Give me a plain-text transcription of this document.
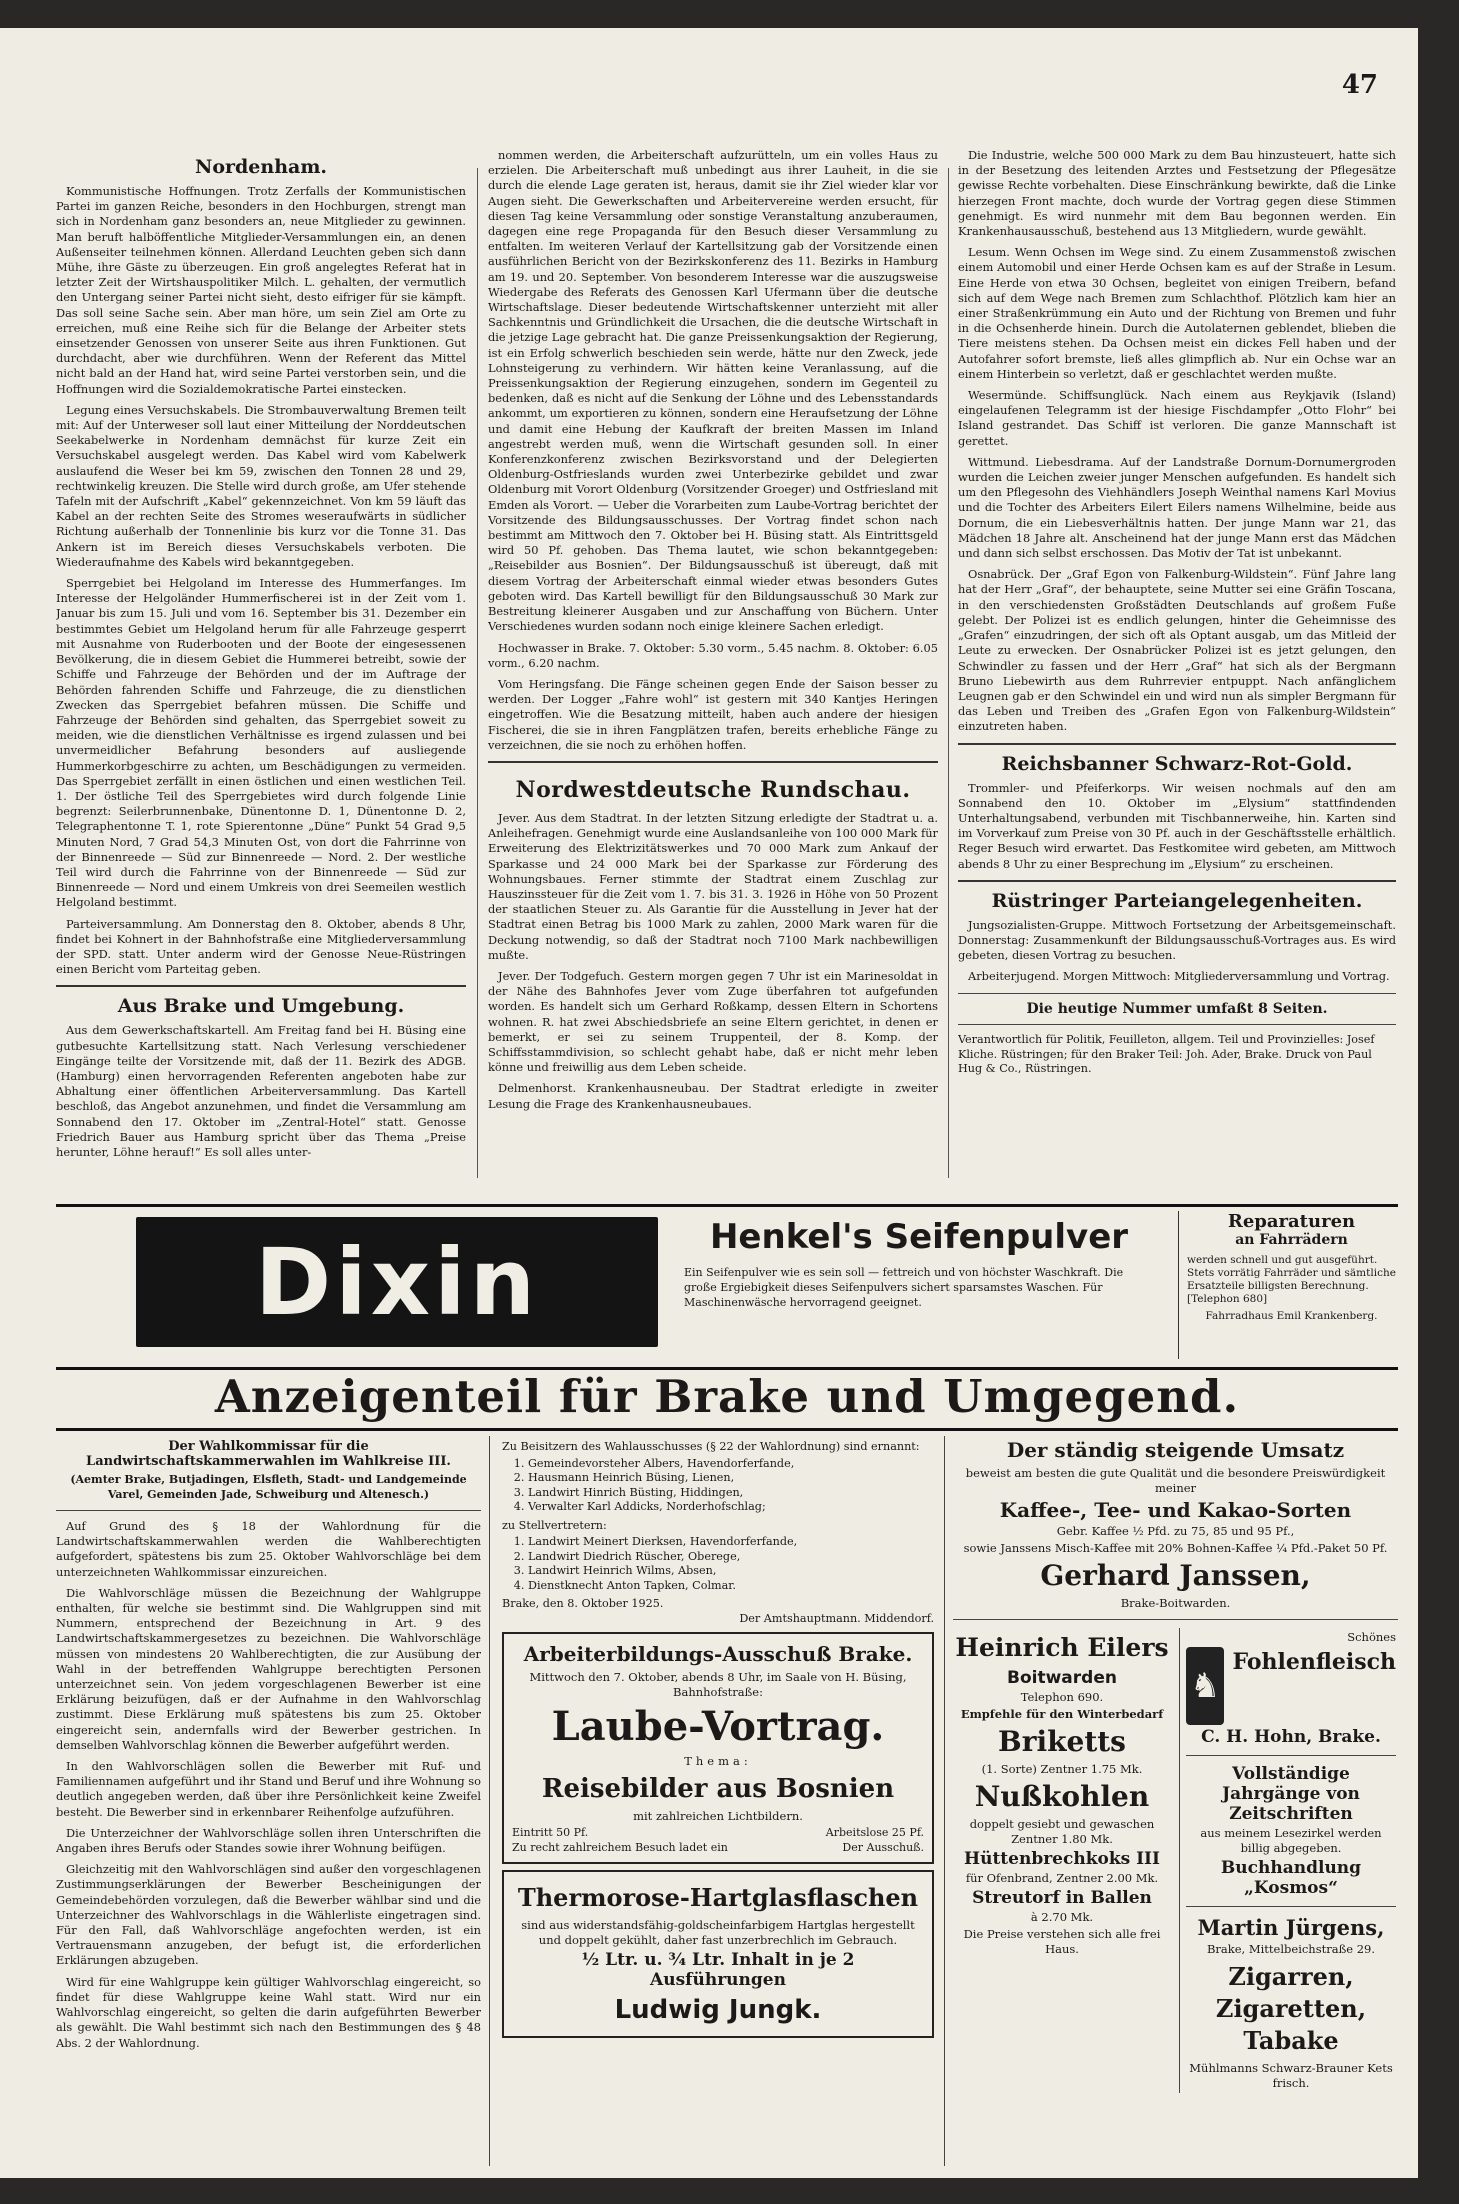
47
Nordenham.

Kommunistische Hoffnungen. Trotz Zerfalls der Kommunistischen Partei im ganzen Reiche, besonders in den Hochburgen, strengt man sich in Nordenham ganz besonders an, neue Mitglieder zu gewinnen. Man beruft halböffentliche Mitglieder-Versammlungen ein, an denen Außenseiter teilnehmen können. Allerdand Leuchten geben sich dann Mühe, ihre Gäste zu überzeugen. Ein groß angelegtes Referat hat in letzter Zeit der Wirtshauspolitiker Milch. L. gehalten, der vermutlich den Untergang seiner Partei nicht sieht, desto eifriger für sie kämpft. Das soll seine Sache sein. Aber man höre, um sein Ziel am Orte zu erreichen, muß eine Reihe sich für die Belange der Arbeiter stets einsetzender Genossen von unserer Seite aus ihren Funktionen. Gut durchdacht, aber wie durchführen. Wenn der Referent das Mittel nicht bald an der Hand hat, wird seine Partei verstorben sein, und die Hoffnungen wird die Sozialdemokratische Partei einstecken.

Legung eines Versuchskabels. Die Strombauverwaltung Bremen teilt mit: Auf der Unterweser soll laut einer Mitteilung der Norddeutschen Seekabelwerke in Nordenham demnächst für kurze Zeit ein Versuchskabel ausgelegt werden. Das Kabel wird vom Kabelwerk auslaufend die Weser bei km 59, zwischen den Tonnen 28 und 29, rechtwinkelig kreuzen. Die Stelle wird durch große, am Ufer stehende Tafeln mit der Aufschrift „Kabel“ gekennzeichnet. Von km 59 läuft das Kabel an der rechten Seite des Stromes weseraufwärts in südlicher Richtung außerhalb der Tonnenlinie bis kurz vor die Tonne 31. Das Ankern ist im Bereich dieses Versuchskabels verboten. Die Wiederaufnahme des Kabels wird bekanntgegeben.

Sperrgebiet bei Helgoland im Interesse des Hummerfanges. Im Interesse der Helgoländer Hummerfischerei ist in der Zeit vom 1. Januar bis zum 15. Juli und vom 16. September bis 31. Dezember ein bestimmtes Gebiet um Helgoland herum für alle Fahrzeuge gesperrt mit Ausnahme von Ruderbooten und der Boote der eingesessenen Bevölkerung, die in diesem Gebiet die Hummerei betreibt, sowie der Schiffe und Fahrzeuge der Behörden und der im Auftrage der Behörden fahrenden Schiffe und Fahrzeuge, die zu dienstlichen Zwecken das Sperrgebiet befahren müssen. Die Schiffe und Fahrzeuge der Behörden sind gehalten, das Sperrgebiet soweit zu meiden, wie die dienstlichen Verhältnisse es irgend zulassen und bei unvermeidlicher Befahrung besonders auf ausliegende Hummerkorbgeschirre zu achten, um Beschädigungen zu vermeiden. Das Sperrgebiet zerfällt in einen östlichen und einen westlichen Teil. 1. Der östliche Teil des Sperrgebietes wird durch folgende Linie begrenzt: Seilerbrunnenbake, Dünentonne D. 1, Dünentonne D. 2, Telegraphentonne T. 1, rote Spierentonne „Düne“ Punkt 54 Grad 9,5 Minuten Nord, 7 Grad 54,3 Minuten Ost, von dort die Fahrrinne von der Binnenreede — Süd zur Binnenreede — Nord. 2. Der westliche Teil wird durch die Fahrrinne von der Binnenreede — Süd zur Binnenreede — Nord und einem Umkreis von drei Seemeilen westlich Helgoland bestimmt.

Parteiversammlung. Am Donnerstag den 8. Oktober, abends 8 Uhr, findet bei Kohnert in der Bahnhofstraße eine Mitgliederversammlung der SPD. statt. Unter anderm wird der Genosse Neue-Rüstringen einen Bericht vom Parteitag geben.

Aus Brake und Umgebung.

Aus dem Gewerkschaftskartell. Am Freitag fand bei H. Büsing eine gutbesuchte Kartellsitzung statt. Nach Verlesung verschiedener Eingänge teilte der Vorsitzende mit, daß der 11. Bezirk des ADGB. (Hamburg) einen hervorragenden Referenten angeboten habe zur Abhaltung einer öffentlichen Arbeiterversammlung. Das Kartell beschloß, das Angebot anzunehmen, und findet die Versammlung am Sonnabend den 17. Oktober im „Zentral-Hotel“ statt. Genosse Friedrich Bauer aus Hamburg spricht über das Thema „Preise herunter, Löhne herauf!“ Es soll alles unter-

nommen werden, die Arbeiterschaft aufzurütteln, um ein volles Haus zu erzielen. Die Arbeiterschaft muß unbedingt aus ihrer Lauheit, in die sie durch die elende Lage geraten ist, heraus, damit sie ihr Ziel wieder klar vor Augen sieht. Die Gewerkschaften und Arbeitervereine werden ersucht, für diesen Tag keine Versammlung oder sonstige Veranstaltung anzuberaumen, dagegen eine rege Propaganda für den Besuch dieser Versammlung zu entfalten. Im weiteren Verlauf der Kartellsitzung gab der Vorsitzende einen ausführlichen Bericht von der Bezirkskonferenz des 11. Bezirks in Hamburg am 19. und 20. September. Von besonderem Interesse war die auszugsweise Wiedergabe des Referats des Genossen Karl Ufermann über die deutsche Wirtschaftslage. Dieser bedeutende Wirtschaftskenner unterzieht mit aller Sachkenntnis und Gründlichkeit die Ursachen, die die deutsche Wirtschaft in die jetzige Lage gebracht hat. Die ganze Preissenkungsaktion der Regierung, ist ein Erfolg schwerlich beschieden sein werde, hätte nur den Zweck, jede Lohnsteigerung zu verhindern. Wir hätten keine Veranlassung, auf die Preissenkungsaktion der Regierung einzugehen, sondern im Gegenteil zu bedenken, daß es nicht auf die Senkung der Löhne und des Lebensstandards ankommt, um exportieren zu können, sondern eine Heraufsetzung der Löhne und damit eine Hebung der Kaufkraft der breiten Massen im Inland angestrebt werden muß, wenn die Wirtschaft gesunden soll. In einer Konferenzkonferenz zwischen Bezirksvorstand und der Delegierten Oldenburg-Ostfrieslands wurden zwei Unterbezirke gebildet und zwar Oldenburg mit Vorort Oldenburg (Vorsitzender Groeger) und Ostfriesland mit Emden als Vorort. — Ueber die Vorarbeiten zum Laube-Vortrag berichtet der Vorsitzende des Bildungsausschusses. Der Vortrag findet schon nach bestimmt am Mittwoch den 7. Oktober bei H. Büsing statt. Als Eintrittsgeld wird 50 Pf. gehoben. Das Thema lautet, wie schon bekanntgegeben: „Reisebilder aus Bosnien“. Der Bildungsausschuß ist übereugt, daß mit diesem Vortrag der Arbeiterschaft einmal wieder etwas besonders Gutes geboten wird. Das Kartell bewilligt für den Bildungsausschuß 30 Mark zur Bestreitung kleinerer Ausgaben und zur Anschaffung von Büchern. Unter Verschiedenes wurden sodann noch einige kleinere Sachen erledigt.

Hochwasser in Brake. 7. Oktober: 5.30 vorm., 5.45 nachm. 8. Oktober: 6.05 vorm., 6.20 nachm.

Vom Heringsfang. Die Fänge scheinen gegen Ende der Saison besser zu werden. Der Logger „Fahre wohl“ ist gestern mit 340 Kantjes Heringen eingetroffen. Wie die Besatzung mitteilt, haben auch andere der hiesigen Fischerei, die sie in ihren Fangplätzen trafen, bereits erhebliche Fänge zu verzeichnen, die sie noch zu erhöhen hoffen.

Nordwestdeutsche Rundschau.

Jever. Aus dem Stadtrat. In der letzten Sitzung erledigte der Stadtrat u. a. Anleihefragen. Genehmigt wurde eine Auslandsanleihe von 100 000 Mark für Erweiterung des Elektrizitätswerkes und 70 000 Mark zum Ankauf der Sparkasse und 24 000 Mark bei der Sparkasse zur Förderung des Wohnungsbaues. Ferner stimmte der Stadtrat einem Zuschlag zur Hauszinssteuer für die Zeit vom 1. 7. bis 31. 3. 1926 in Höhe von 50 Prozent der staatlichen Steuer zu. Als Garantie für die Ausstellung in Jever hat der Stadtrat einen Betrag bis 1000 Mark zu zahlen, 2000 Mark waren für die Deckung notwendig, so daß der Stadtrat noch 7100 Mark nachbewilligen mußte.

Jever. Der Todgefuch. Gestern morgen gegen 7 Uhr ist ein Marinesoldat in der Nähe des Bahnhofes Jever vom Zuge überfahren tot aufgefunden worden. Es handelt sich um Gerhard Roßkamp, dessen Eltern in Schortens wohnen. R. hat zwei Abschiedsbriefe an seine Eltern gerichtet, in denen er bemerkt, er sei zu seinem Truppenteil, der 8. Komp. der Schiffsstammdivision, so schlecht gehabt habe, daß er nicht mehr leben könne und freiwillig aus dem Leben scheide.

Delmenhorst. Krankenhausneubau. Der Stadtrat erledigte in zweiter Lesung die Frage des Krankenhausneubaues.

Die Industrie, welche 500 000 Mark zu dem Bau hinzusteuert, hatte sich in der Besetzung des leitenden Arztes und Festsetzung der Pflegesätze gewisse Rechte vorbehalten. Diese Einschränkung bewirkte, daß die Linke hierzegen Front machte, doch wurde der Vortrag gegen diese Stimmen genehmigt. Es wird nunmehr mit dem Bau begonnen werden. Ein Krankenhausausschuß, bestehend aus 13 Mitgliedern, wurde gewählt.

Lesum. Wenn Ochsen im Wege sind. Zu einem Zusammenstoß zwischen einem Automobil und einer Herde Ochsen kam es auf der Straße in Lesum. Eine Herde von etwa 30 Ochsen, begleitet von einigen Treibern, befand sich auf dem Wege nach Bremen zum Schlachthof. Plötzlich kam hier an einer Straßenkrümmung ein Auto und der Richtung von Bremen und fuhr in die Ochsenherde hinein. Durch die Autolaternen geblendet, blieben die Tiere meistens stehen. Da Ochsen meist ein dickes Fell haben und der Autofahrer sofort bremste, ließ alles glimpflich ab. Nur ein Ochse war an einem Hinterbein so verletzt, daß er geschlachtet werden mußte.

Wesermünde. Schiffsunglück. Nach einem aus Reykjavik (Island) eingelaufenen Telegramm ist der hiesige Fischdampfer „Otto Flohr“ bei Island gestrandet. Das Schiff ist verloren. Die ganze Mannschaft ist gerettet.

Wittmund. Liebesdrama. Auf der Landstraße Dornum-Dornumergroden wurden die Leichen zweier junger Menschen aufgefunden. Es handelt sich um den Pflegesohn des Viehhändlers Joseph Weinthal namens Karl Movius und die Tochter des Arbeiters Eilert Eilers namens Wilhelmine, beide aus Dornum, die ein Liebesverhältnis hatten. Der junge Mann war 21, das Mädchen 18 Jahre alt. Anscheinend hat der junge Mann erst das Mädchen und dann sich selbst erschossen. Das Motiv der Tat ist unbekannt.

Osnabrück. Der „Graf Egon von Falkenburg-Wildstein“. Fünf Jahre lang hat der Herr „Graf“, der behauptete, seine Mutter sei eine Gräfin Toscana, in den verschiedensten Großstädten Deutschlands auf großem Fuße gelebt. Der Polizei ist es endlich gelungen, hinter die Geheimnisse des „Grafen“ einzudringen, der sich oft als Optant ausgab, um das Mitleid der Leute zu erwecken. Der Osnabrücker Polizei ist es jetzt gelungen, den Schwindler zu fassen und der Herr „Graf“ hat sich als der Bergmann Bruno Liebewirth aus dem Ruhrrevier entpuppt. Nach anfänglichem Leugnen gab er den Schwindel ein und wird nun als simpler Bergmann für das Leben und Treiben des „Grafen Egon von Falkenburg-Wildstein“ einzutreten haben.

Reichsbanner Schwarz-Rot-Gold.

Trommler- und Pfeiferkorps. Wir weisen nochmals auf den am Sonnabend den 10. Oktober im „Elysium“ stattfindenden Unterhaltungsabend, verbunden mit Tischbannerweihe, hin. Karten sind im Vorverkauf zum Preise von 30 Pf. auch in der Geschäftsstelle erhältlich. Reger Besuch wird erwartet. Das Festkomitee wird gebeten, am Mittwoch abends 8 Uhr zu einer Besprechung im „Elysium“ zu erscheinen.

Rüstringer Parteiangelegenheiten.

Jungsozialisten-Gruppe. Mittwoch Fortsetzung der Arbeitsgemeinschaft. Donnerstag: Zusammenkunft der Bildungsausschuß-Vortrages aus. Es wird gebeten, diesen Vortrag zu besuchen.

Arbeiterjugend. Morgen Mittwoch: Mitgliederversammlung und Vortrag.

Die heutige Nummer umfaßt 8 Seiten.

Verantwortlich für Politik, Feuilleton, allgem. Teil und Provinzielles: Josef Kliche. Rüstringen; für den Braker Teil: Joh. Ader, Brake. Druck von Paul Hug & Co., Rüstringen.

Dixin	Henkel's Seifenpulver

Ein Seifenpulver wie es sein soll — fettreich und von höchster Waschkraft. Die große Ergiebigkeit dieses Seifenpulvers sichert sparsamstes Waschen. Für Maschinenwäsche hervorragend geeignet.

Reparaturen

an Fahrrädern

werden schnell und gut ausgeführt. Stets vorrätig Fahrräder und sämtliche Ersatzteile billigsten Berechnung. [Telephon 680]

Fahrradhaus Emil Krankenberg.

Anzeigenteil für Brake und Umgegend.

Der Wahlkommissar für die Landwirtschaftskammerwahlen im Wahlkreise III.

(Aemter Brake, Butjadingen, Elsfleth, Stadt- und Landgemeinde Varel, Gemeinden Jade, Schweiburg und Altenesch.)

Auf Grund des § 18 der Wahlordnung für die Landwirtschaftskammerwahlen werden die Wahlberechtigten aufgefordert, spätestens bis zum 25. Oktober Wahlvorschläge bei dem unterzeichneten Wahlkommissar einzureichen.

Die Wahlvorschläge müssen die Bezeichnung der Wahlgruppe enthalten, für welche sie bestimmt sind. Die Wahlgruppen sind mit Nummern, entsprechend der Bezeichnung in Art. 9 des Landwirtschaftskammergesetzes zu bezeichnen. Die Wahlvorschläge müssen von mindestens 20 Wahlberechtigten, die zur Ausübung der Wahl in der betreffenden Wahlgruppe berechtigten Personen unterzeichnet sein. Von jedem vorgeschlagenen Bewerber ist eine Erklärung beizufügen, daß er der Aufnahme in den Wahlvorschlag zustimmt. Diese Erklärung muß spätestens bis zum 25. Oktober eingereicht sein, andernfalls wird der Bewerber gestrichen. In demselben Wahlvorschlag können die Bewerber aufgeführt werden.

In den Wahlvorschlägen sollen die Bewerber mit Ruf- und Familiennamen aufgeführt und ihr Stand und Beruf und ihre Wohnung so deutlich angegeben werden, daß über ihre Persönlichkeit keine Zweifel besteht. Die Bewerber sind in erkennbarer Reihenfolge aufzuführen.

Die Unterzeichner der Wahlvorschläge sollen ihren Unterschriften die Angaben ihres Berufs oder Standes sowie ihrer Wohnung beifügen.

Gleichzeitig mit den Wahlvorschlägen sind außer den vorgeschlagenen Zustimmungserklärungen der Bewerber Bescheinigungen der Gemeindebehörden vorzulegen, daß die Bewerber wählbar sind und die Unterzeichner des Wahlvorschlags in die Wählerliste eingetragen sind. Für den Fall, daß Wahlvorschläge angefochten werden, ist ein Vertrauensmann anzugeben, der befugt ist, die erforderlichen Erklärungen abzugeben.

Wird für eine Wahlgruppe kein gültiger Wahlvorschlag eingereicht, so findet für diese Wahlgruppe keine Wahl statt. Wird nur ein Wahlvorschlag eingereicht, so gelten die darin aufgeführten Bewerber als gewählt. Die Wahl bestimmt sich nach den Bestimmungen des § 48 Abs. 2 der Wahlordnung.

Zu Beisitzern des Wahlausschusses (§ 22 der Wahlordnung) sind ernannt:

1. Gemeindevorsteher Albers, Havendorferfande,
2. Hausmann Heinrich Büsing, Lienen,
3. Landwirt Hinrich Büsting, Hiddingen,
4. Verwalter Karl Addicks, Norderhofschlag;

zu Stellvertretern:

1. Landwirt Meinert Dierksen, Havendorferfande,
2. Landwirt Diedrich Rüscher, Oberege,
3. Landwirt Heinrich Wilms, Absen,
4. Dienstknecht Anton Tapken, Colmar.

Brake, den 8. Oktober 1925.

Der Amtshauptmann. Middendorf.

Arbeiterbildungs-Ausschuß Brake.

Mittwoch den 7. Oktober, abends 8 Uhr, im Saale von H. Büsing, Bahnhofstraße:

Laube-Vortrag.

Thema:

Reisebilder aus Bosnien

mit zahlreichen Lichtbildern.

Eintritt 50 Pf.	Arbeitslose 25 Pf.
Zu recht zahlreichem Besuch ladet ein	Der Ausschuß.

Thermorose-Hartglasflaschen

sind aus widerstandsfähig-goldscheinfarbigem Hartglas hergestellt und doppelt gekühlt, daher fast unzerbrechlich im Gebrauch.

½ Ltr. u. ¾ Ltr. Inhalt in je 2 Ausführungen

Ludwig Jungk.

Der ständig steigende Umsatz

beweist am besten die gute Qualität und die besondere Preiswürdigkeit meiner

Kaffee-, Tee- und Kakao-Sorten

Gebr. Kaffee ½ Pfd. zu 75, 85 und 95 Pf.,

sowie Janssens Misch-Kaffee mit 20% Bohnen-Kaffee ¼ Pfd.-Paket 50 Pf.

Gerhard Janssen,

Brake-Boitwarden.

Heinrich Eilers

Boitwarden

Telephon 690.

Empfehle für den Winterbedarf

Briketts

(1. Sorte) Zentner 1.75 Mk.

Nußkohlen

doppelt gesiebt und gewaschen Zentner 1.80 Mk.

Hüttenbrechkoks III

für Ofenbrand, Zentner 2.00 Mk.

Streutorf in Ballen

à 2.70 Mk.

Die Preise verstehen sich alle frei Haus.

Schönes

♞

Fohlenfleisch

C. H. Hohn, Brake.

Vollständige Jahrgänge von Zeitschriften

aus meinem Lesezirkel werden billig abgegeben.

Buchhandlung „Kosmos“

Martin Jürgens,

Brake, Mittelbeichstraße 29.

Zigarren, Zigaretten, Tabake

Mühlmanns Schwarz-Brauner Kets frisch.
